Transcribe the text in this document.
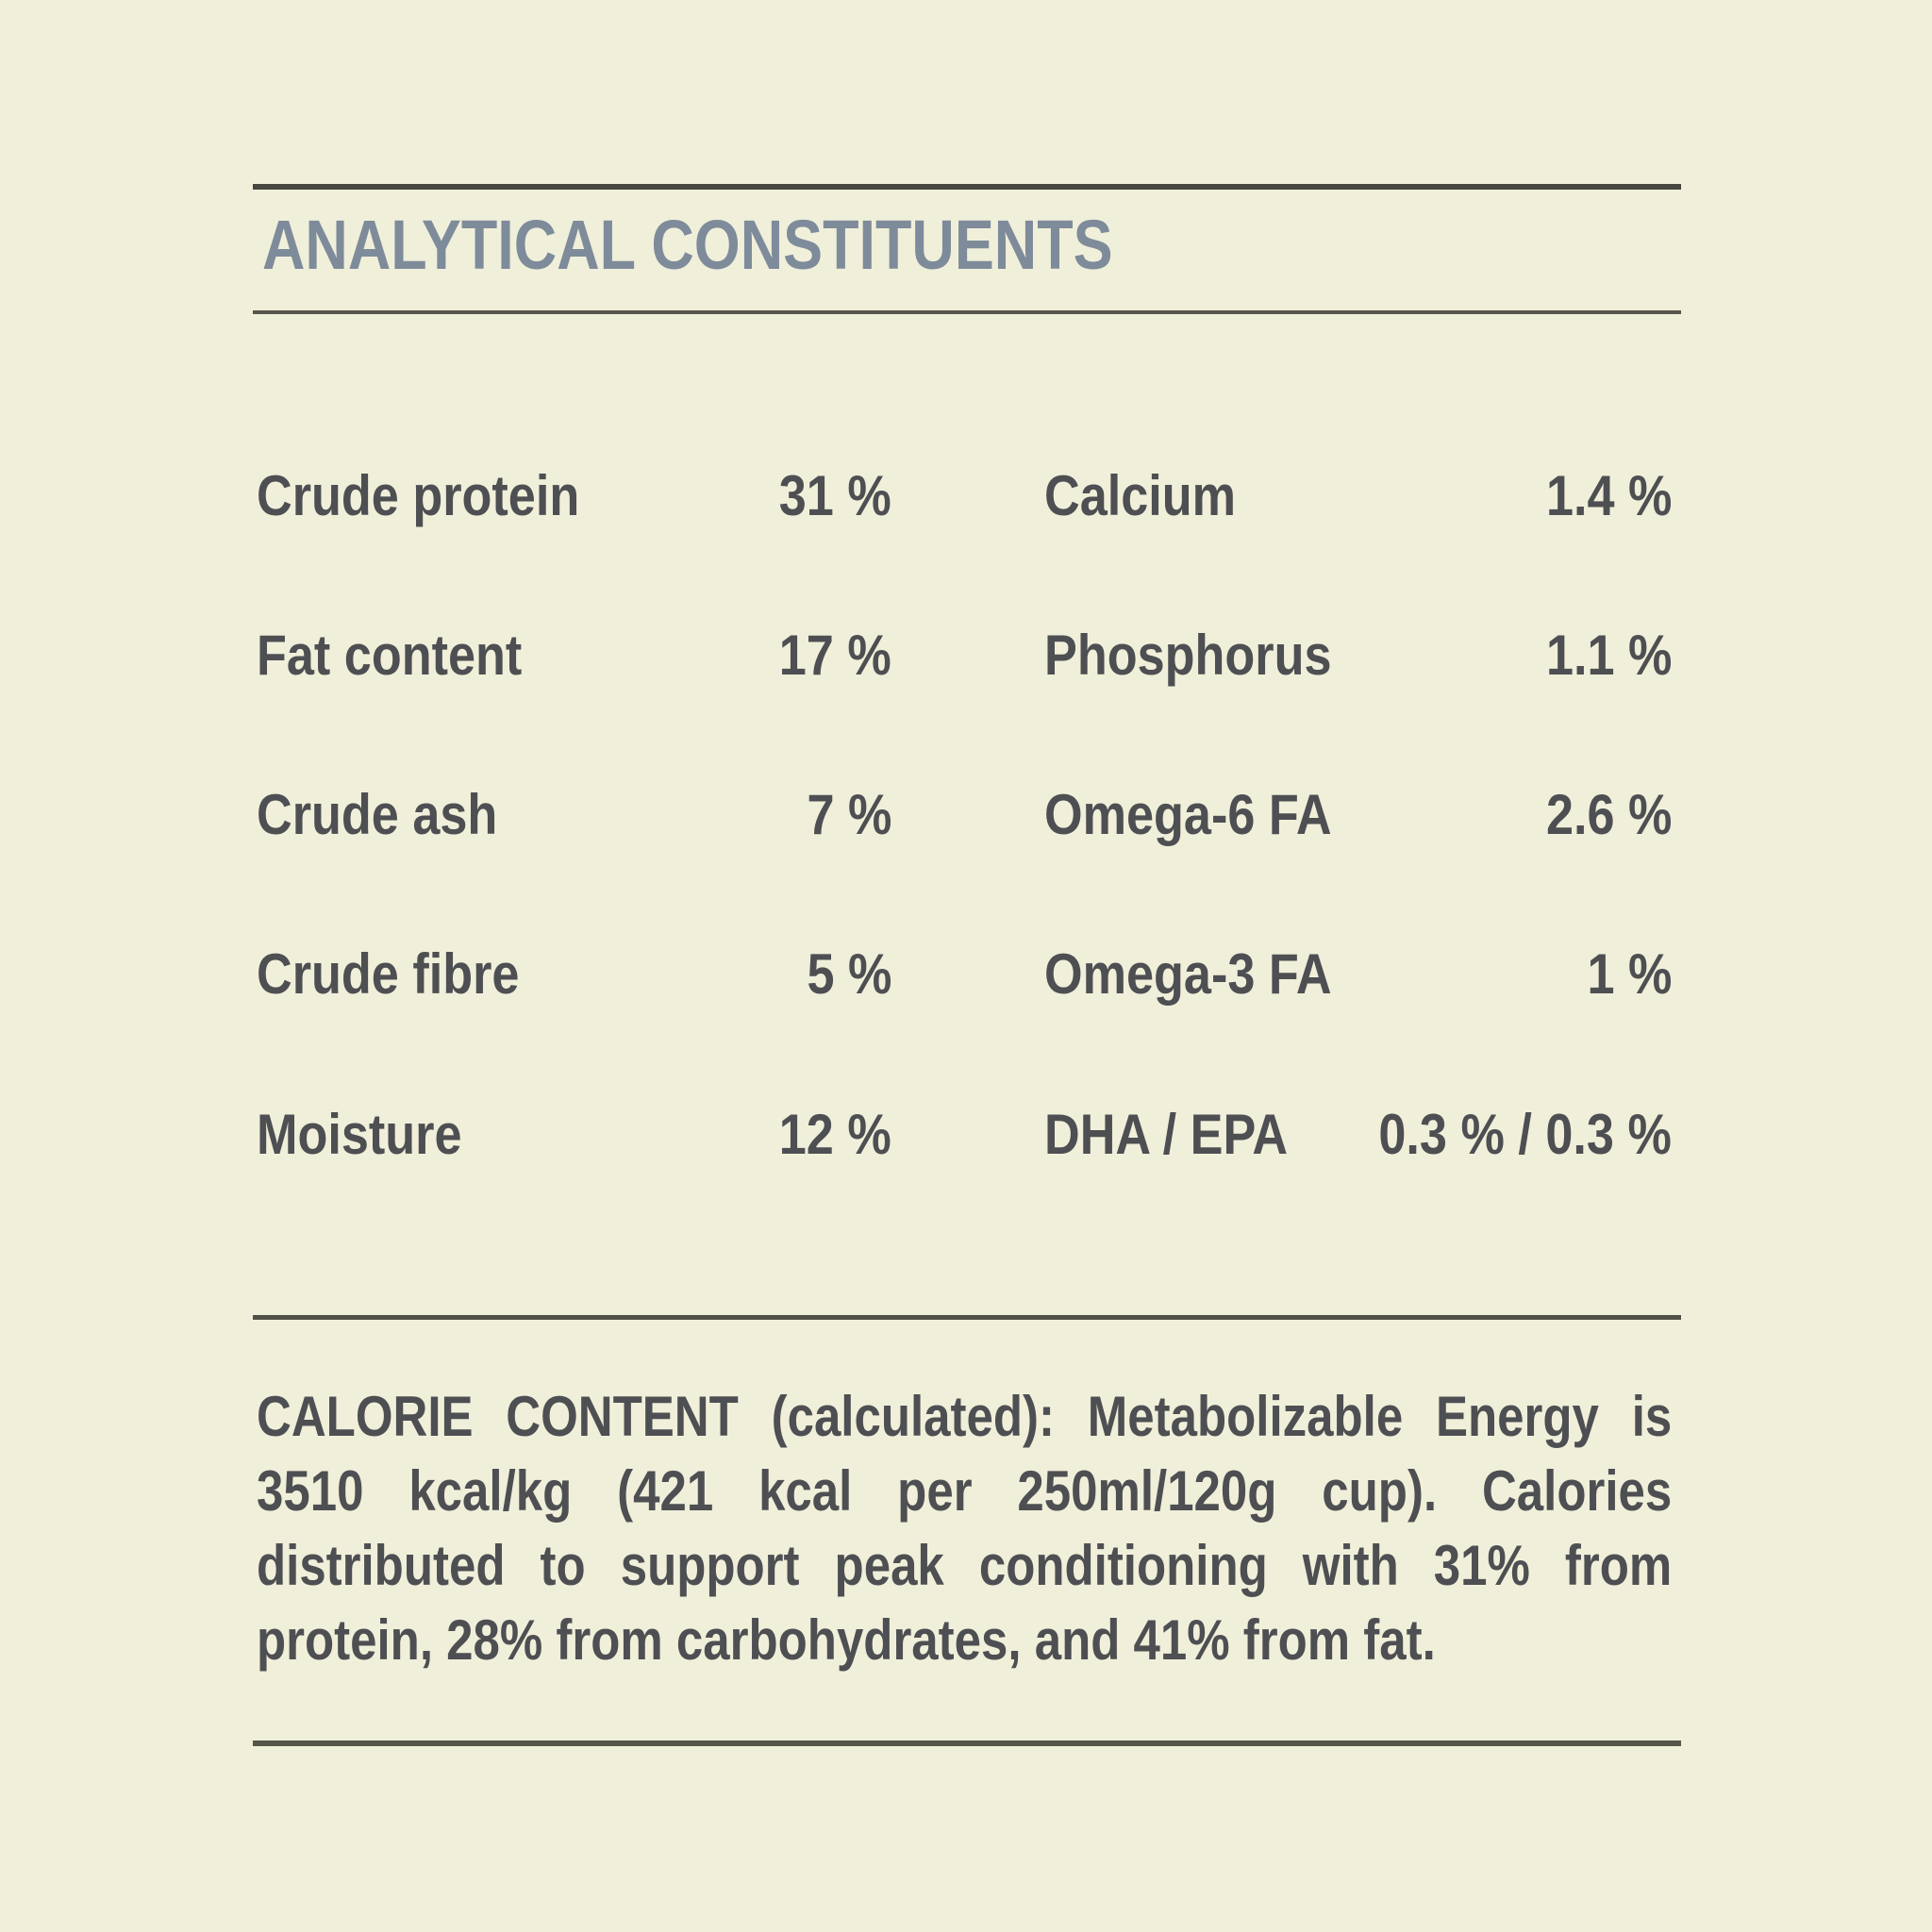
ANALYTICAL CONSTITUENTS
Crude protein	31 %	Calcium	1.4 %
Fat content	17 %	Phosphorus	1.1 %
Crude ash	7 %	Omega-6 FA	2.6 %
Crude fibre	5 %	Omega-3 FA	1 %
Moisture	12 %	DHA / EPA 0.3 % / 0.3 %
CALORIE CONTENT (calculated): Metabolizable Energy is
3510 kcal/kg (421 kcal per 250ml/120g cup). Calories
distributed to support peak conditioning with 31% from
protein, 28% from carbohydrates, and 41% from fat.
